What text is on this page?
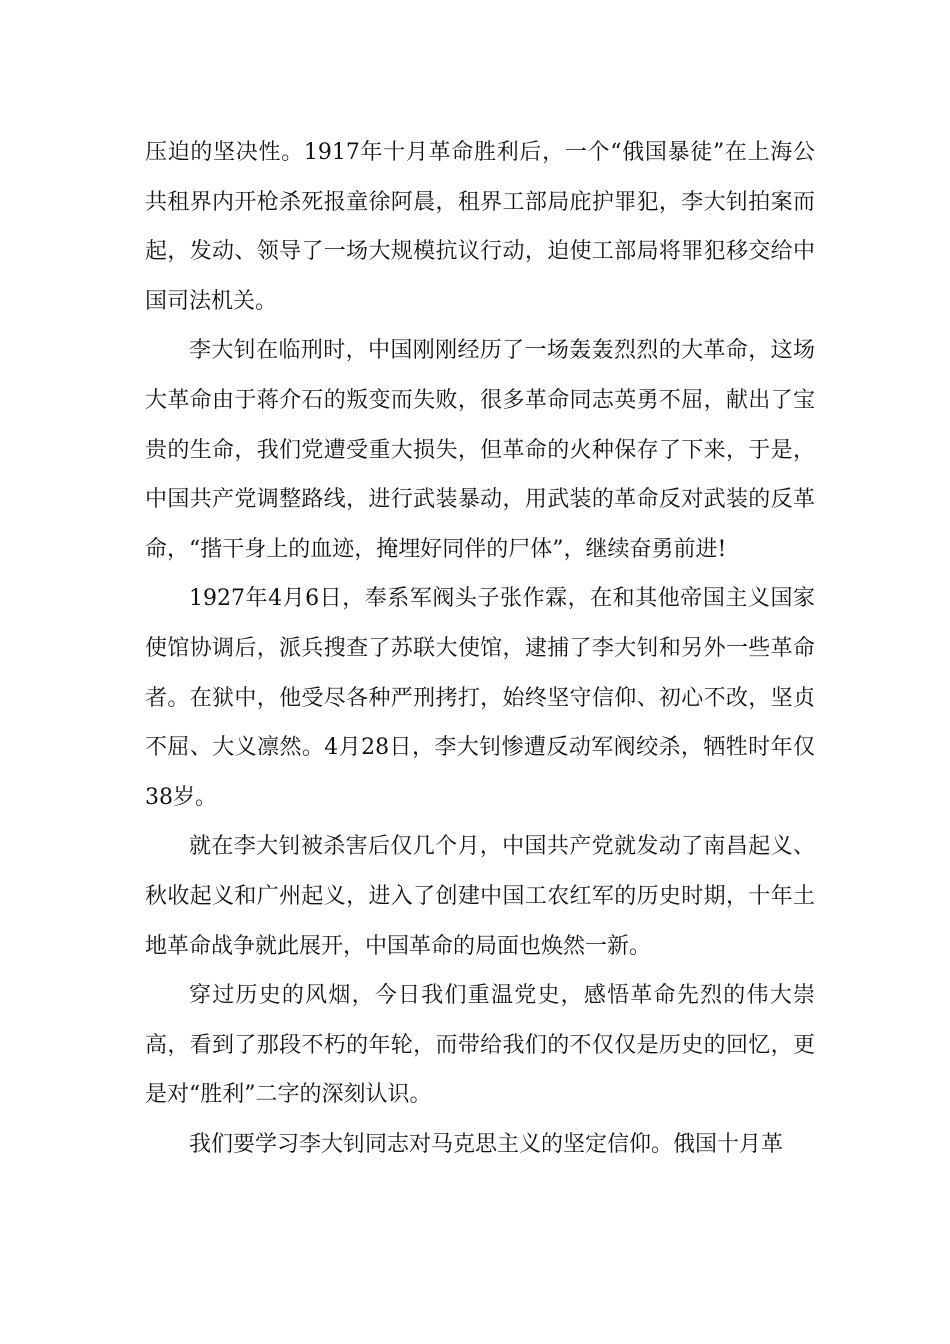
压迫的坚决性。1917年十月革命胜利后，一个“俄国暴徒”在上海公共租界内开枪杀死报童徐阿晨，租界工部局庇护罪犯，李大钊拍案而起，发动、领导了一场大规模抗议行动，迫使工部局将罪犯移交给中国司法机关。

李大钊在临刑时，中国刚刚经历了一场轰轰烈烈的大革命，这场大革命由于蒋介石的叛变而失败，很多革命同志英勇不屈，献出了宝贵的生命，我们党遭受重大损失，但革命的火种保存了下来，于是，中国共产党调整路线，进行武装暴动，用武装的革命反对武装的反革命，“揩干身上的血迹，掩埋好同伴的尸体”，继续奋勇前进!

1927年4月6日，奉系军阀头子张作霖，在和其他帝国主义国家使馆协调后，派兵搜查了苏联大使馆，逮捕了李大钊和另外一些革命者。在狱中，他受尽各种严刑拷打，始终坚守信仰、初心不改，坚贞不屈、大义凛然。4月28日，李大钊惨遭反动军阀绞杀，牺牲时年仅38岁。

就在李大钊被杀害后仅几个月，中国共产党就发动了南昌起义、秋收起义和广州起义，进入了创建中国工农红军的历史时期，十年土地革命战争就此展开，中国革命的局面也焕然一新。

穿过历史的风烟，今日我们重温党史，感悟革命先烈的伟大崇高，看到了那段不朽的年轮，而带给我们的不仅仅是历史的回忆，更是对“胜利”二字的深刻认识。

我们要学习李大钊同志对马克思主义的坚定信仰。俄国十月革
